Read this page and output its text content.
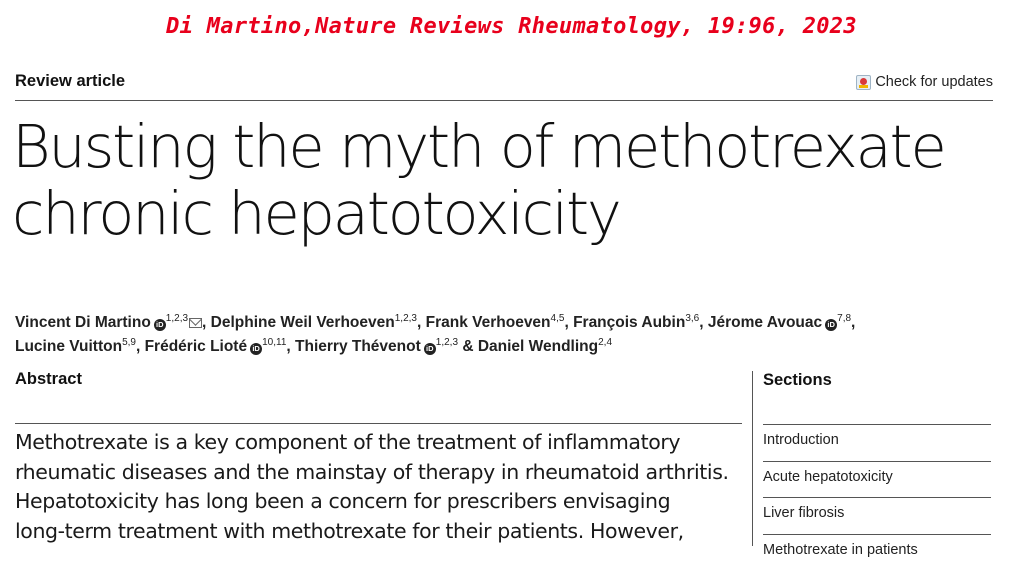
Di Martino,Nature Reviews Rheumatology, 19:96, 2023
Review article	Check for updates
Busting the myth of methotrexate
chronic hepatotoxicity
Vincent Di Martino iD$^{1,2,3}$ , Delphine Weil Verhoeven$^{1,2,3}$, Frank Verhoeven$^{4,5}$, François Aubin$^{3,6}$, Jérome Avouac iD$^{7,8}$,
Lucine Vuitton$^{5,9}$, Frédéric Lioté iD$^{10,11}$, Thierry Thévenot iD$^{1,2,3}$ & Daniel Wendling$^{2,4}$
Abstract

Methotrexate is a key component of the treatment of inflammatory
rheumatic diseases and the mainstay of therapy in rheumatoid arthritis.
Hepatotoxicity has long been a concern for prescribers envisaging
long-term treatment with methotrexate for their patients. However,

Sections
Introduction
Acute hepatotoxicity
Liver fibrosis
Methotrexate in patients
